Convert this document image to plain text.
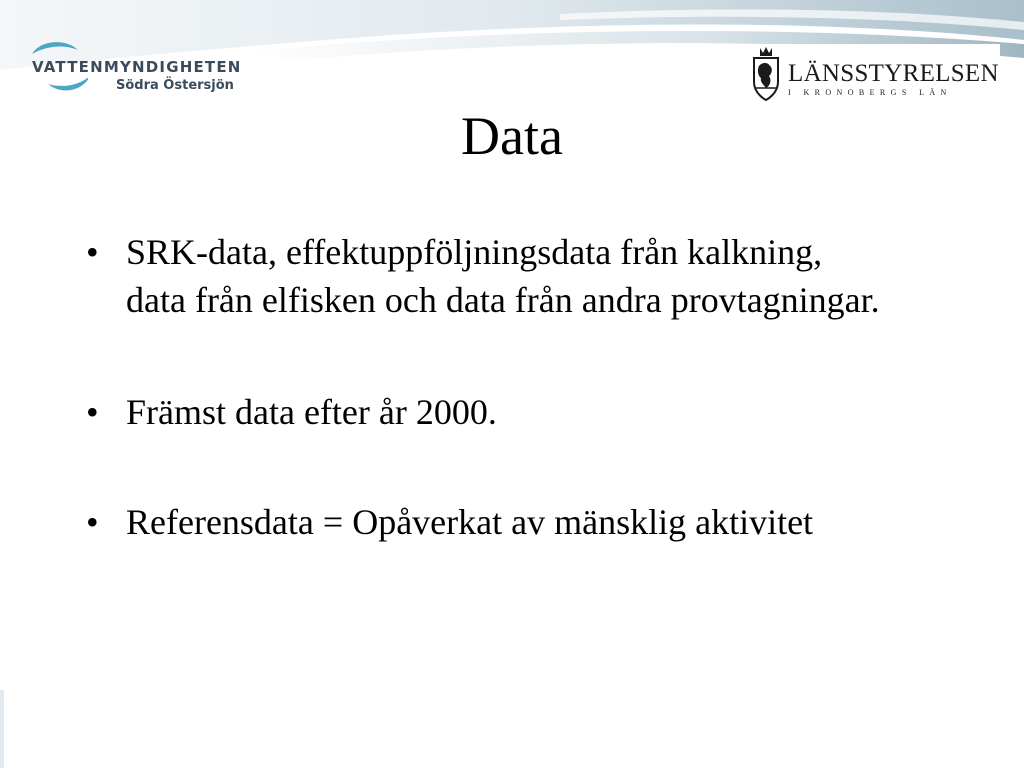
VATTENMYNDIGHETEN
Södra Östersjön	LÄNSSTYRELSEN
I KRONOBERGS LÄN
Data
• SRK-data, effektuppföljningsdata från kalkning, data från elfisken och data från andra provtagningar.
• Främst data efter år 2000.
• Referensdata = Opåverkat av mänsklig aktivitet
